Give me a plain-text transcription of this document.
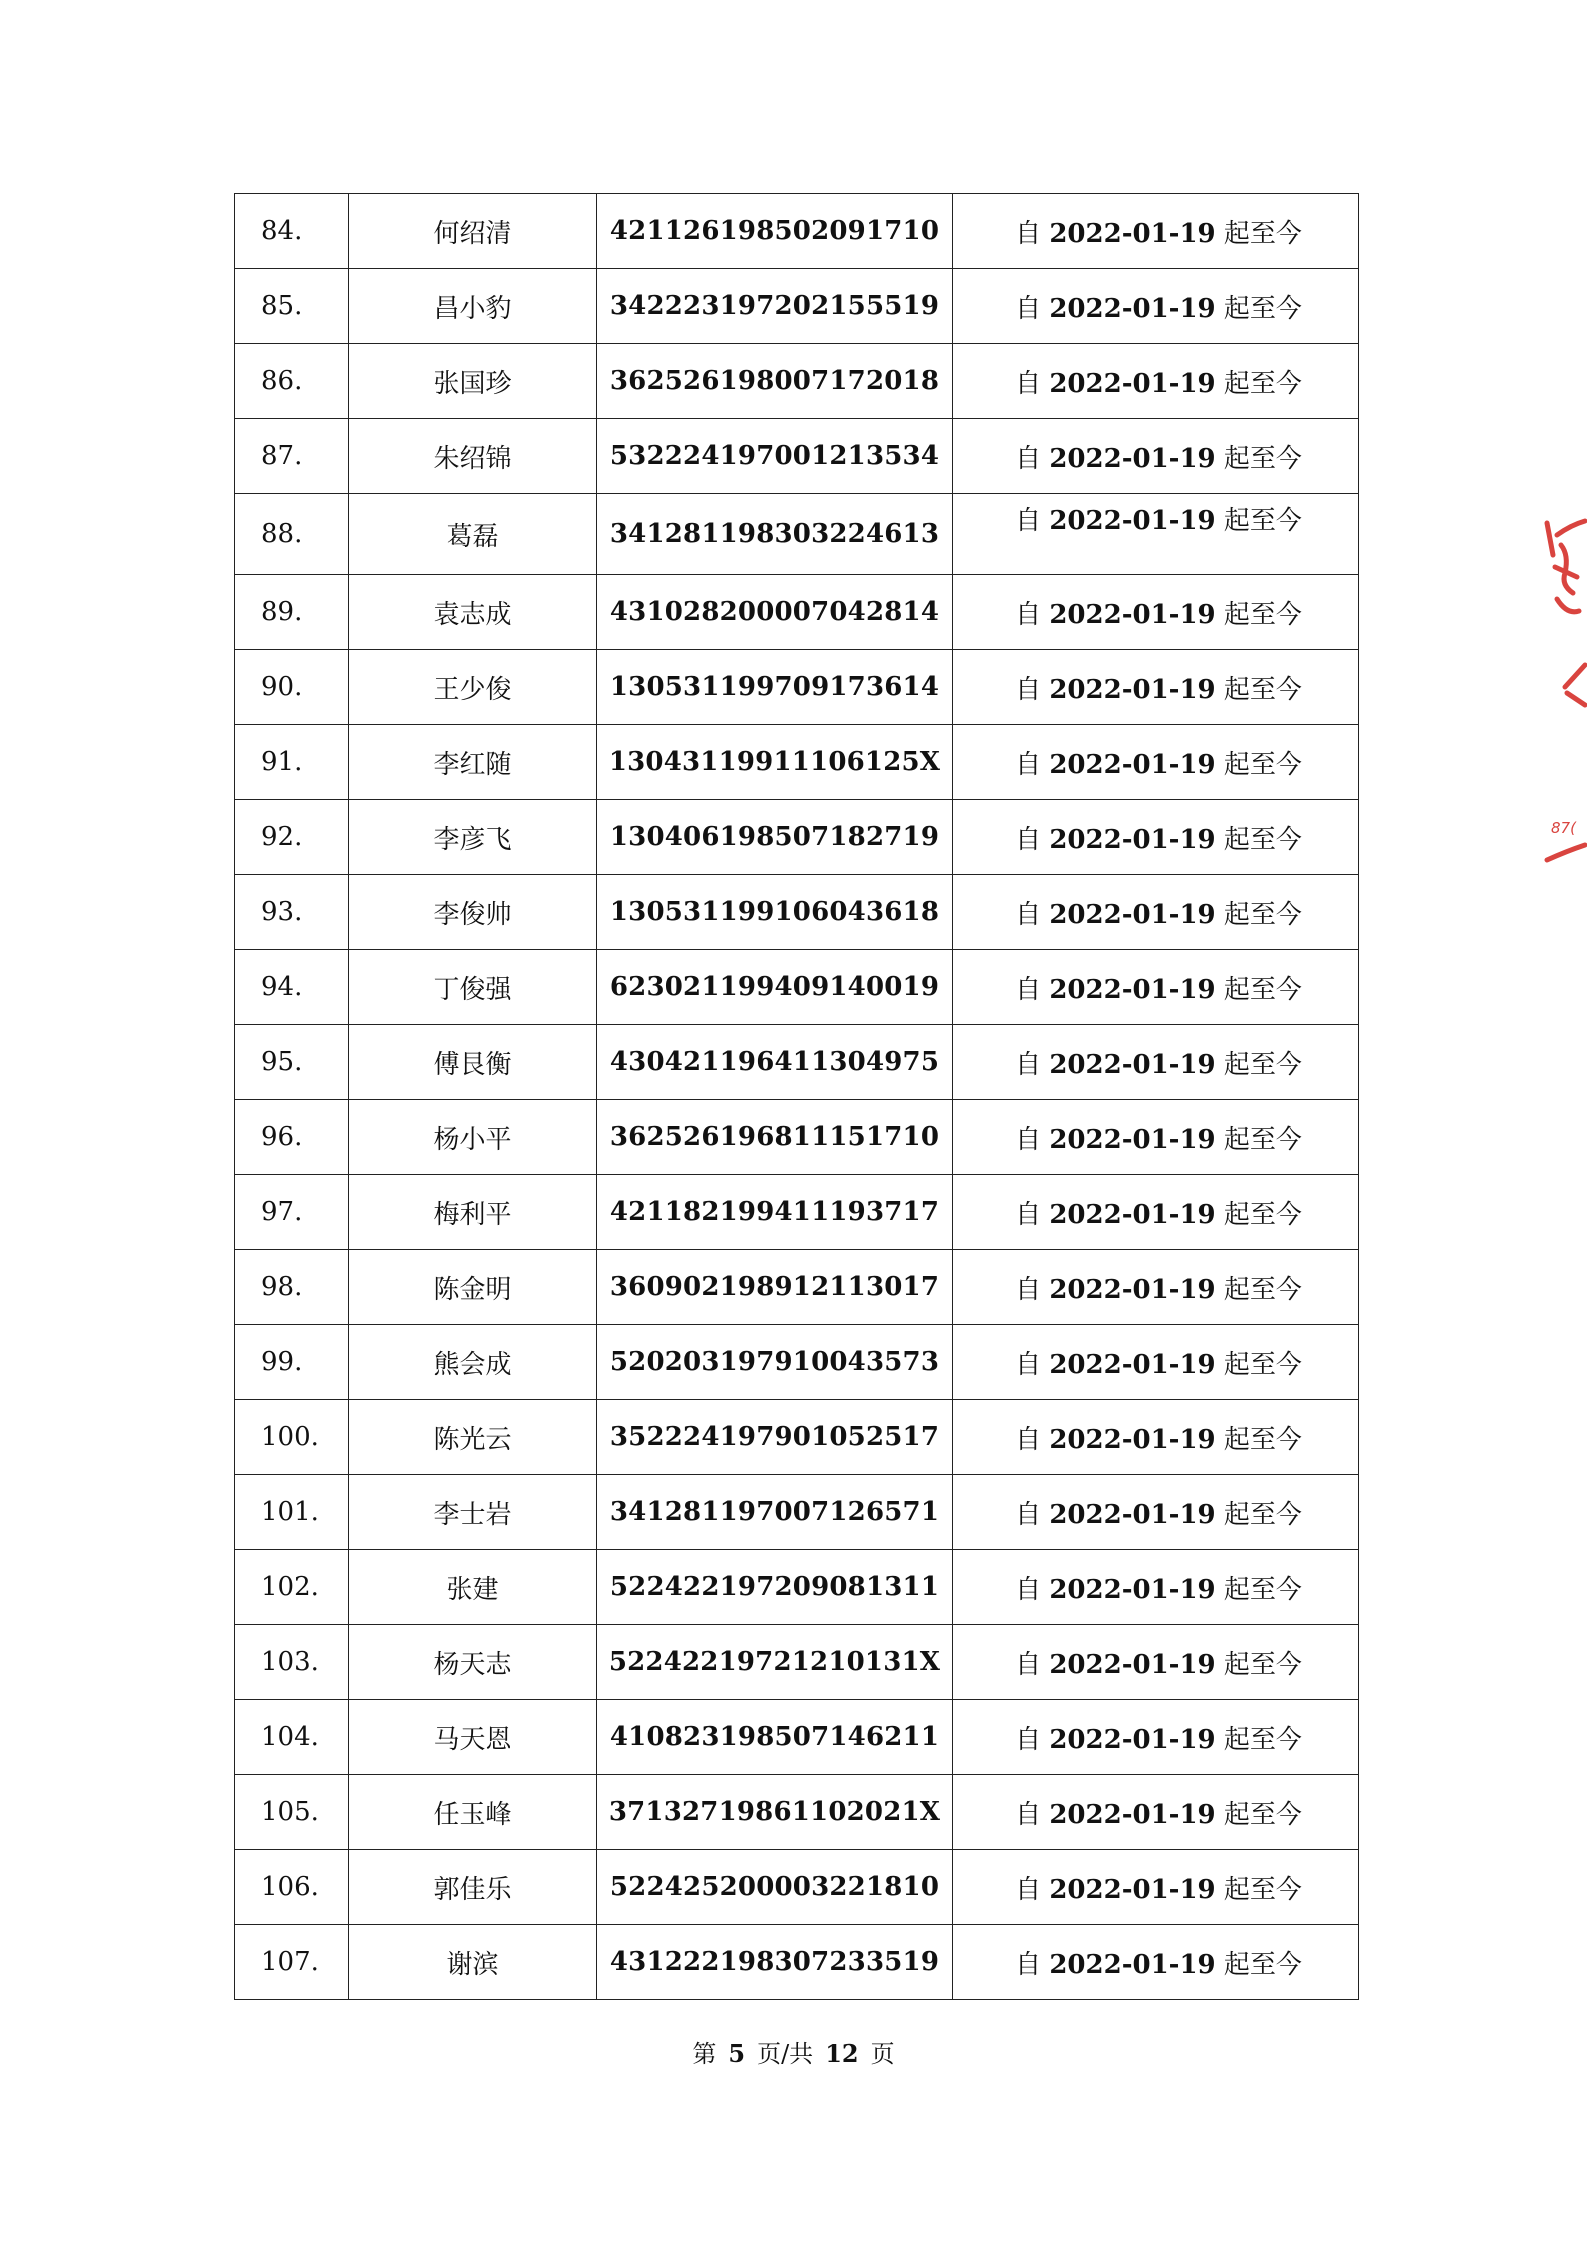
84.	何绍清	421126198502091710	自 2022-01-19 起至今
85.	昌小豹	342223197202155519	自 2022-01-19 起至今
86.	张国珍	362526198007172018	自 2022-01-19 起至今
87.	朱绍锦	532224197001213534	自 2022-01-19 起至今
88.	葛磊	341281198303224613	自 2022-01-19 起至今
89.	袁志成	431028200007042814	自 2022-01-19 起至今
90.	王少俊	130531199709173614	自 2022-01-19 起至今
91.	李红随	13043119911106125X	自 2022-01-19 起至今
92.	李彦飞	130406198507182719	自 2022-01-19 起至今
93.	李俊帅	130531199106043618	自 2022-01-19 起至今
94.	丁俊强	623021199409140019	自 2022-01-19 起至今
95.	傅艮衡	430421196411304975	自 2022-01-19 起至今
96.	杨小平	362526196811151710	自 2022-01-19 起至今
97.	梅利平	421182199411193717	自 2022-01-19 起至今
98.	陈金明	360902198912113017	自 2022-01-19 起至今
99.	熊会成	520203197910043573	自 2022-01-19 起至今
100.	陈光云	352224197901052517	自 2022-01-19 起至今
101.	李士岩	341281197007126571	自 2022-01-19 起至今
102.	张建	522422197209081311	自 2022-01-19 起至今
103.	杨天志	52242219721210131X	自 2022-01-19 起至今
104.	马天恩	410823198507146211	自 2022-01-19 起至今
105.	任玉峰	37132719861102021X	自 2022-01-19 起至今
106.	郭佳乐	522425200003221810	自 2022-01-19 起至今
107.	谢滨	431222198307233519	自 2022-01-19 起至今
第 5 页/共 12 页
87(
